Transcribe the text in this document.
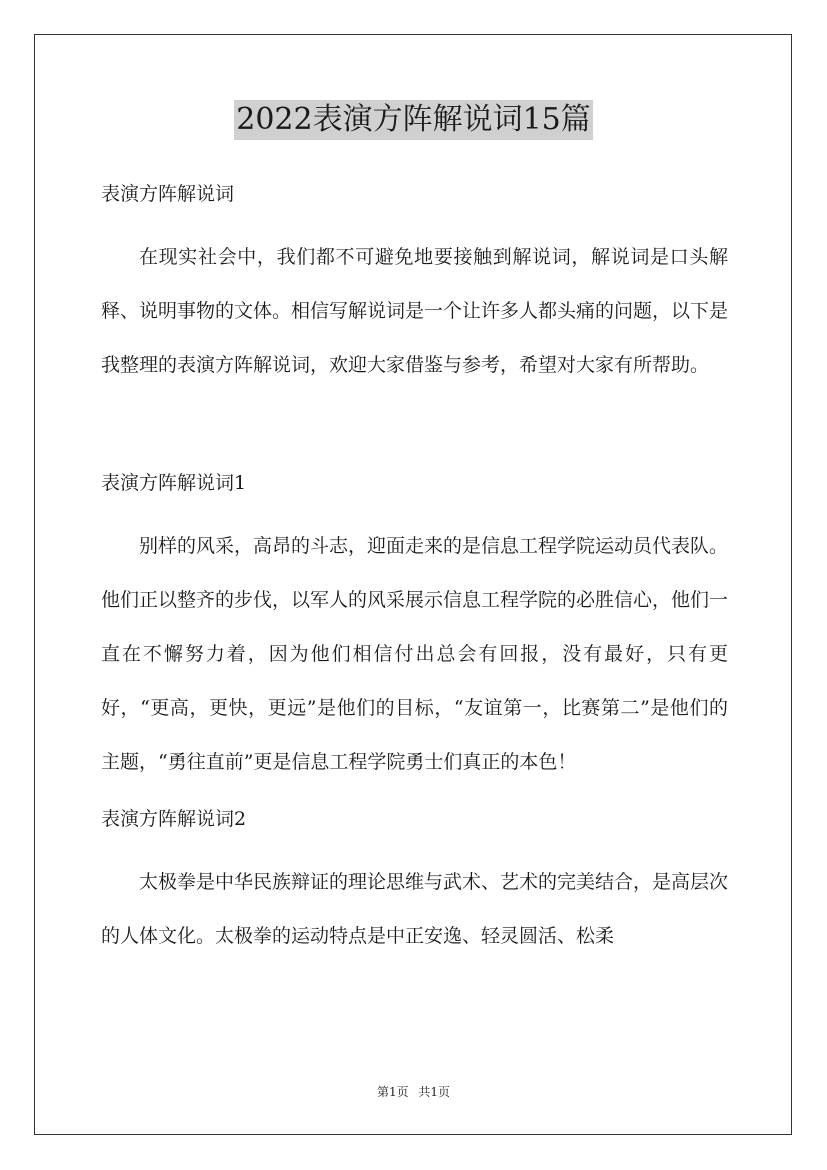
2022表演方阵解说词15篇

表演方阵解说词

在现实社会中，我们都不可避免地要接触到解说词，解说词是口头解释、说明事物的文体。相信写解说词是一个让许多人都头痛的问题，以下是我整理的表演方阵解说词，欢迎大家借鉴与参考，希望对大家有所帮助。

表演方阵解说词1

别样的风采，高昂的斗志，迎面走来的是信息工程学院运动员代表队。他们正以整齐的步伐，以军人的风采展示信息工程学院的必胜信心，他们一直在不懈努力着，因为他们相信付出总会有回报，没有最好，只有更好，“更高，更快，更远”是他们的目标，“友谊第一，比赛第二”是他们的主题，“勇往直前”更是信息工程学院勇士们真正的本色！

表演方阵解说词2

太极拳是中华民族辩证的理论思维与武术、艺术的完美结合，是高层次的人体文化。太极拳的运动特点是中正安逸、轻灵圆活、松柔

第1页 共1页
